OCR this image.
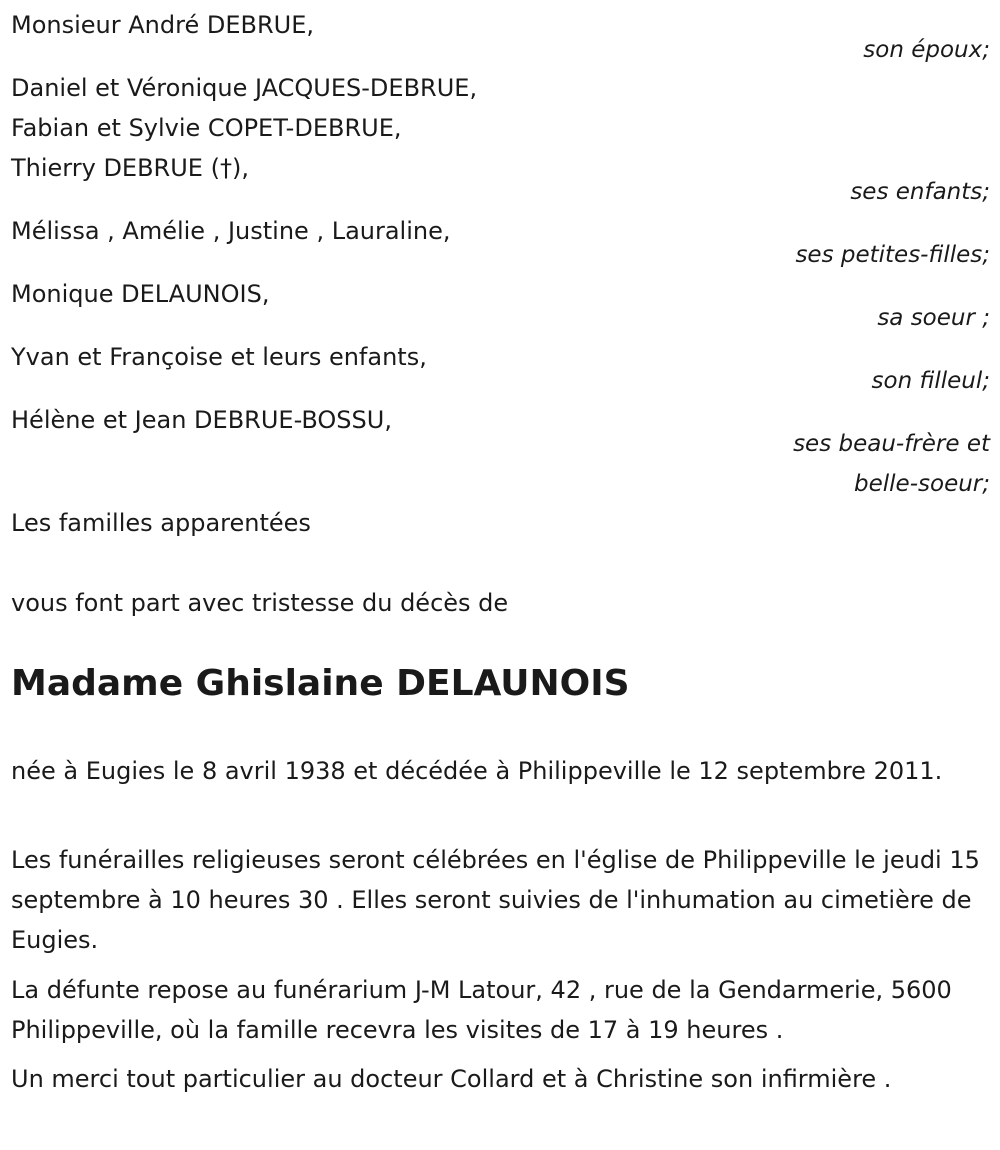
Monsieur André DEBRUE,
son époux;
Daniel et Véronique JACQUES-DEBRUE,
Fabian et Sylvie COPET-DEBRUE,
Thierry DEBRUE (†),
ses enfants;
Mélissa , Amélie , Justine , Lauraline,
ses petites-filles;
Monique DELAUNOIS,
sa soeur ;
Yvan et Françoise et leurs enfants,
son filleul;
Hélène et Jean DEBRUE-BOSSU,
ses beau-frère et
belle-soeur;
Les familles apparentées
vous font part avec tristesse du décès de
Madame Ghislaine DELAUNOIS
née à Eugies le 8 avril 1938 et décédée à Philippeville le 12 septembre 2011.
Les funérailles religieuses seront célébrées en l'église de Philippeville le jeudi 15 septembre à 10 heures 30 . Elles seront suivies de l'inhumation au cimetière de Eugies.
La défunte repose au funérarium J-M Latour, 42 , rue de la Gendarmerie, 5600 Philippeville, où la famille recevra les visites de 17 à 19 heures .
Un merci tout particulier au docteur Collard et à Christine son infirmière .
